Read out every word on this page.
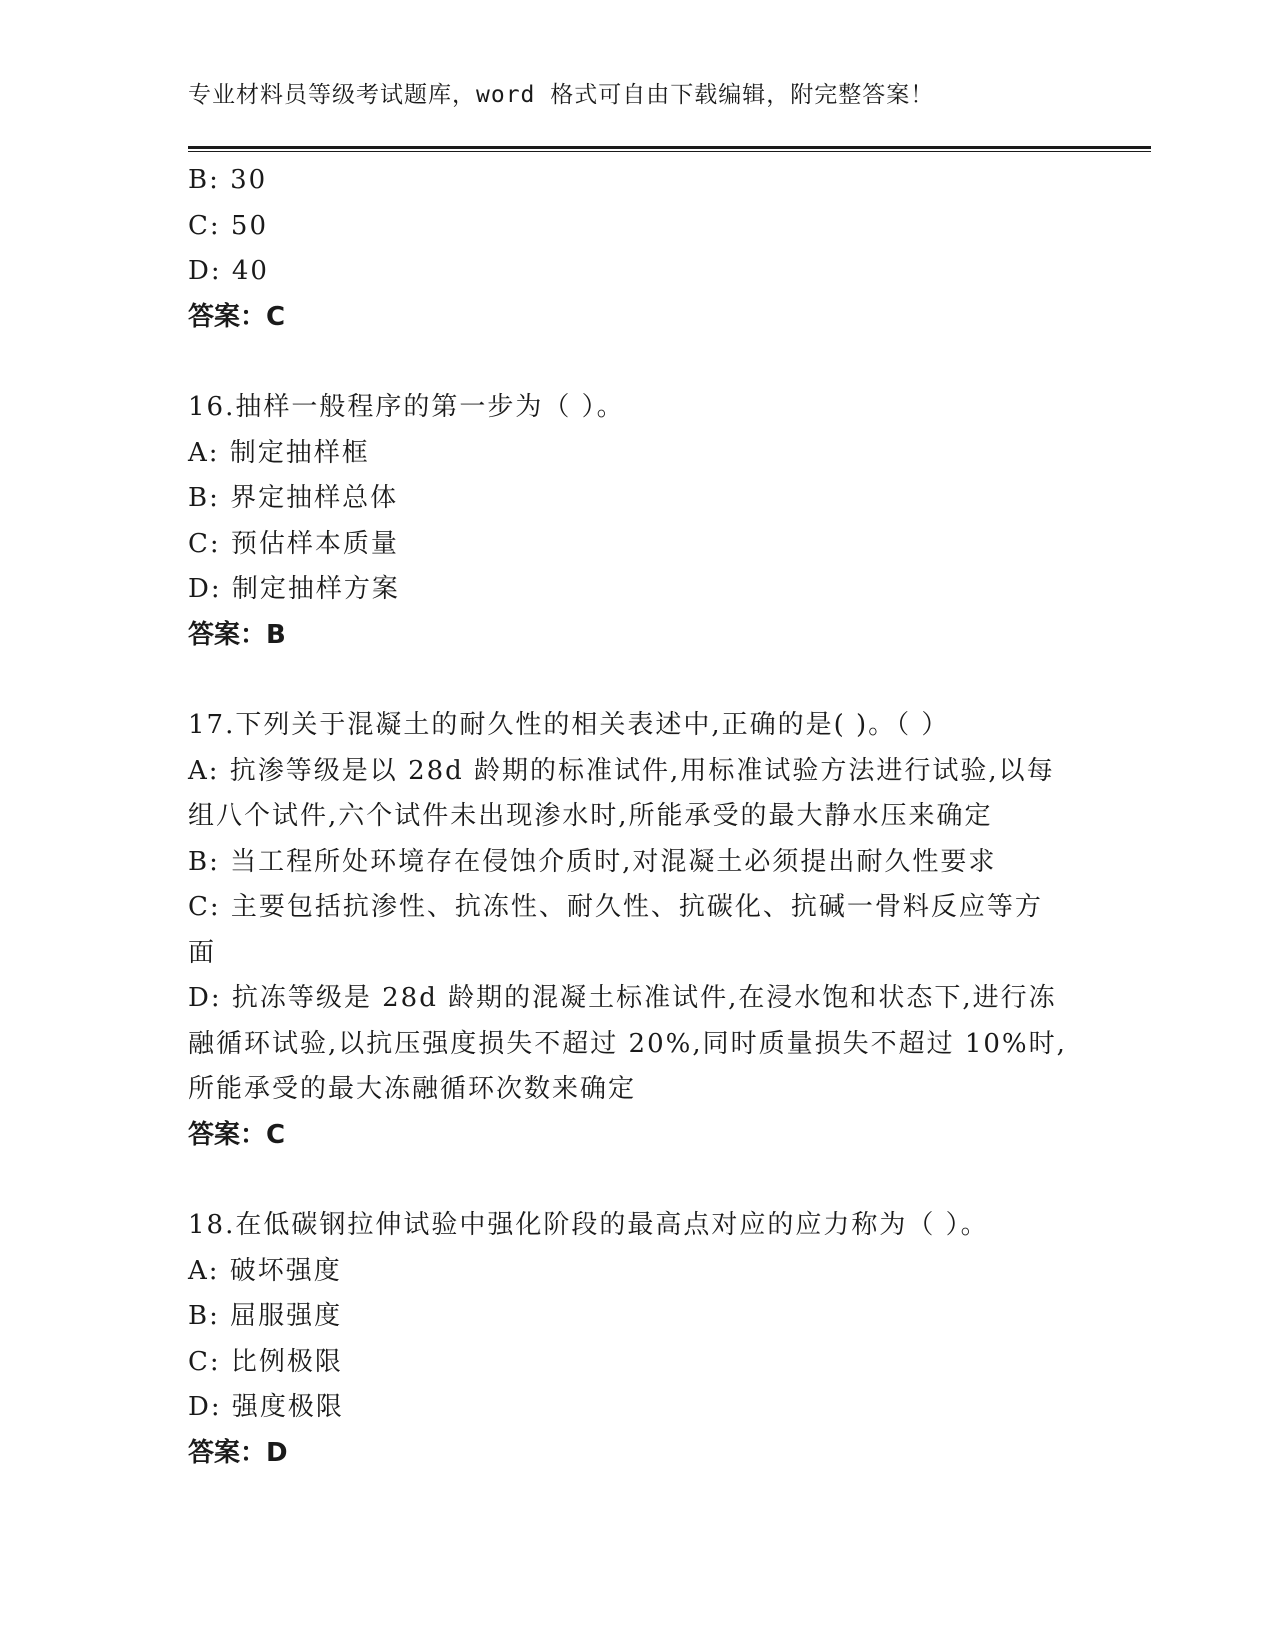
专业材料员等级考试题库，word 格式可自由下载编辑，附完整答案！

B: 30

C: 50

D: 40

答案：C

16.抽样一般程序的第一步为（ ）。

A: 制定抽样框

B: 界定抽样总体

C: 预估样本质量

D: 制定抽样方案

答案：B

17.下列关于混凝土的耐久性的相关表述中,正确的是( )。（ ）

A: 抗渗等级是以 28d 龄期的标准试件,用标准试验方法进行试验,以每

组八个试件,六个试件未出现渗水时,所能承受的最大静水压来确定

B: 当工程所处环境存在侵蚀介质时,对混凝土必须提出耐久性要求

C: 主要包括抗渗性、抗冻性、耐久性、抗碳化、抗碱一骨料反应等方

面

D: 抗冻等级是 28d 龄期的混凝土标准试件,在浸水饱和状态下,进行冻

融循环试验,以抗压强度损失不超过 20%,同时质量损失不超过 10%时,

所能承受的最大冻融循环次数来确定

答案：C

18.在低碳钢拉伸试验中强化阶段的最高点对应的应力称为（ ）。

A: 破坏强度

B: 屈服强度

C: 比例极限

D: 强度极限

答案：D
